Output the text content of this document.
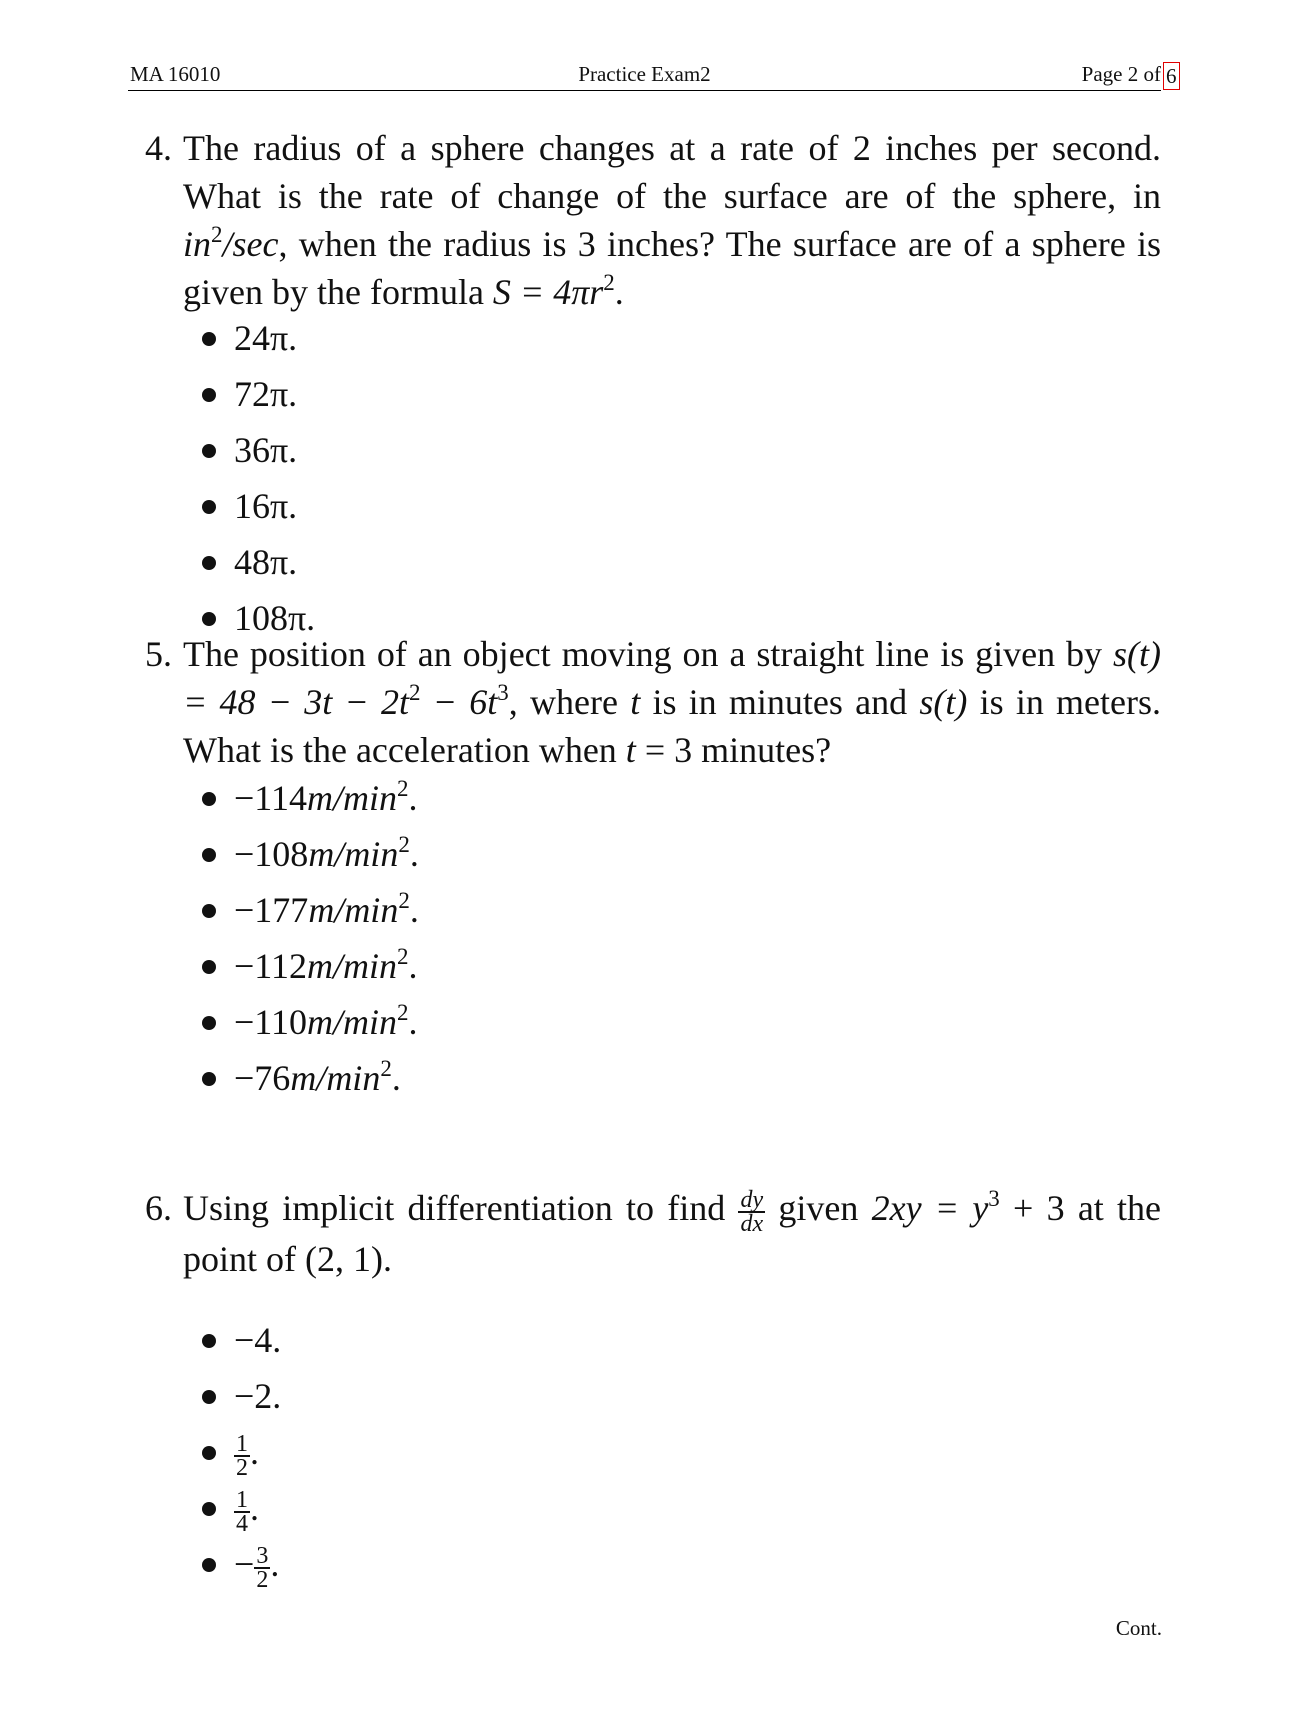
MA 16010	Practice Exam2	Page 2 of 6
4. The radius of a sphere changes at a rate of 2 inches per second. What is the rate of change of the surface are of the sphere, in $in^2/\sec$, when the radius is 3 inches? The surface are of a sphere is given by the formula $S = 4\pi r^2$.
24π.
72π.
36π.
16π.
48π.
108π.
5. The position of an object moving on a straight line is given by $s(t) = 48 - 3t - 2t^2 - 6t^3$, where t is in minutes and s(t) is in meters. What is the acceleration when t = 3 minutes?
$-114m/\min^2$.
$-108m/\min^2$.
$-177m/\min^2$.
$-112m/\min^2$.
$-110m/\min^2$.
$-76m/\min^2$.
6. Using implicit differentiation to find $\frac{dy}{dx}$ given $2xy = y^3 + 3$ at the point of (2, 1).
−4.
−2.
$\frac{1}{2}$ .
$\frac{1}{4}$ .
− $\frac{3}{2}$ .
Cont.
